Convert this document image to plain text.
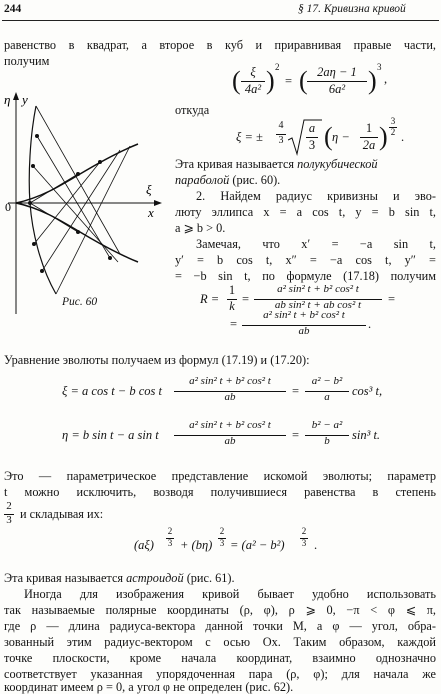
244	§ 17. Кривизна кривой
равенство в квадрат, а второе в куб и приравнивая правые части,
получим
η y
ξ
x
0
Рис. 60
( ξ
4a² ) 2
= ( 2aη − 1
6a² ) 3
,
откуда
ξ = ±
4
3
a
3 ( η −
1
2a )
3
2 .
Эта кривая называется полукубической
параболой (рис. 60).
2. Найдем радиус кривизны и эво-
люту эллипса x = a cos t, y = b sin t,
a ⩾ b > 0.
Замечая, что x′ = −a sin t,
y′ = b cos t, x″ = −a cos t, y″ =
= −b sin t, по формуле (17.18) получим
R =
1
k =
a² sin² t + b² cos² t
ab sin² t + ab cos² t	=
=
a² sin² t + b² cos² t
ab	.
Уравнение эволюты получаем из формул (17.19) и (17.20):
ξ = a cos t − b cos t
a² sin² t + b² cos² t
ab	=
a² − b²
a	cos³ t,
η = b sin t − a sin t
a² sin² t + b² cos² t
ab	=
b² − a²
b	sin³ t.
Это — параметрическое представление искомой эволюты; параметр
t можно исключить, возводя получившиеся равенства в степень
2
3 и складывая их:
(aξ)
2
3 + (bη)
2
3 = (a² − b²)
2
3 .
Эта кривая называется астроидой (рис. 61).
Иногда для изображения кривой бывает удобно использовать
так называемые полярные координаты (ρ, φ), ρ ⩾ 0, −π < φ ⩽ π,
где ρ — длина радиуса-вектора данной точки M, а φ — угол, обра-
зованный этим радиус-вектором с осью Ox. Таким образом, каждой
точке плоскости, кроме начала координат, взаимно однозначно
соответствует указанная упорядоченная пара (ρ, φ); для начала же
координат имеем ρ = 0, а угол φ не определен (рис. 62).
